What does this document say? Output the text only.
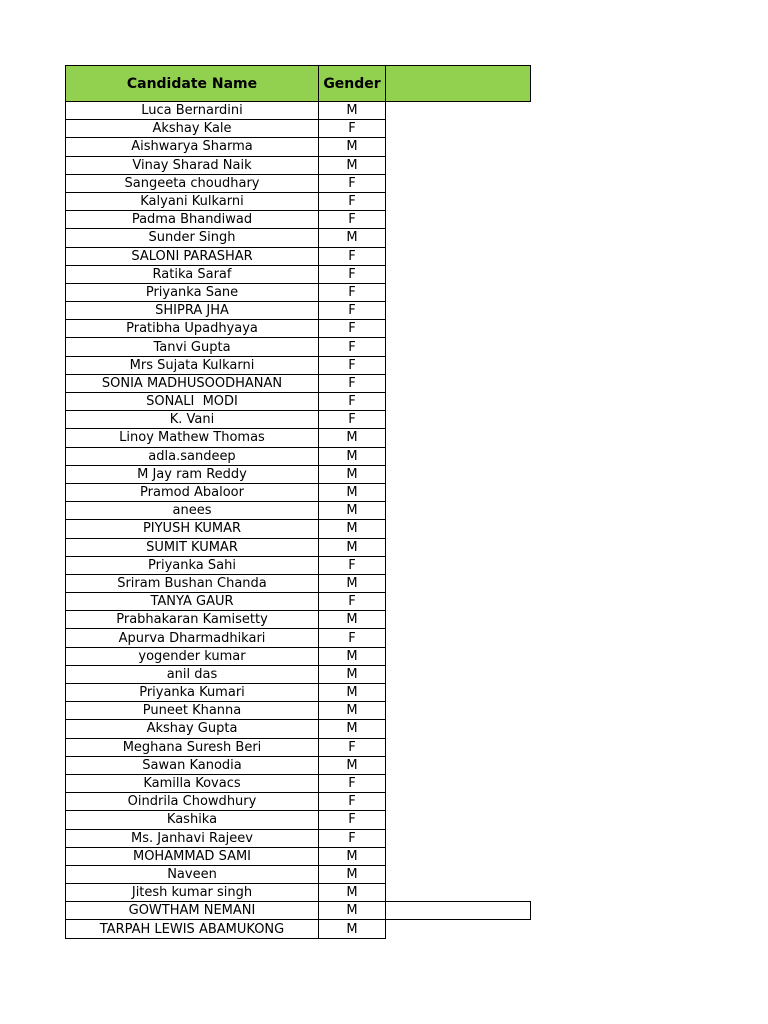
Candidate Name	Gender
Luca Bernardini	M
Akshay Kale	F
Aishwarya Sharma	M
Vinay Sharad Naik	M
Sangeeta choudhary	F
Kalyani Kulkarni	F
Padma Bhandiwad	F
Sunder Singh	M
SALONI PARASHAR	F
Ratika Saraf	F
Priyanka Sane	F
SHIPRA JHA	F
Pratibha Upadhyaya	F
Tanvi Gupta	F
Mrs Sujata Kulkarni	F
SONIA MADHUSOODHANAN	F
SONALI  MODI	F
K. Vani	F
Linoy Mathew Thomas	M
adla.sandeep	M
M Jay ram Reddy	M
Pramod Abaloor	M
anees	M
PIYUSH KUMAR	M
SUMIT KUMAR	M
Priyanka Sahi	F
Sriram Bushan Chanda	M
TANYA GAUR	F
Prabhakaran Kamisetty	M
Apurva Dharmadhikari	F
yogender kumar	M
anil das	M
Priyanka Kumari	M
Puneet Khanna	M
Akshay Gupta	M
Meghana Suresh Beri	F
Sawan Kanodia	M
Kamilla Kovacs	F
Oindrila Chowdhury	F
Kashika	F
Ms. Janhavi Rajeev	F
MOHAMMAD SAMI	M
Naveen	M
Jitesh kumar singh	M
GOWTHAM NEMANI	M
TARPAH LEWIS ABAMUKONG	M
